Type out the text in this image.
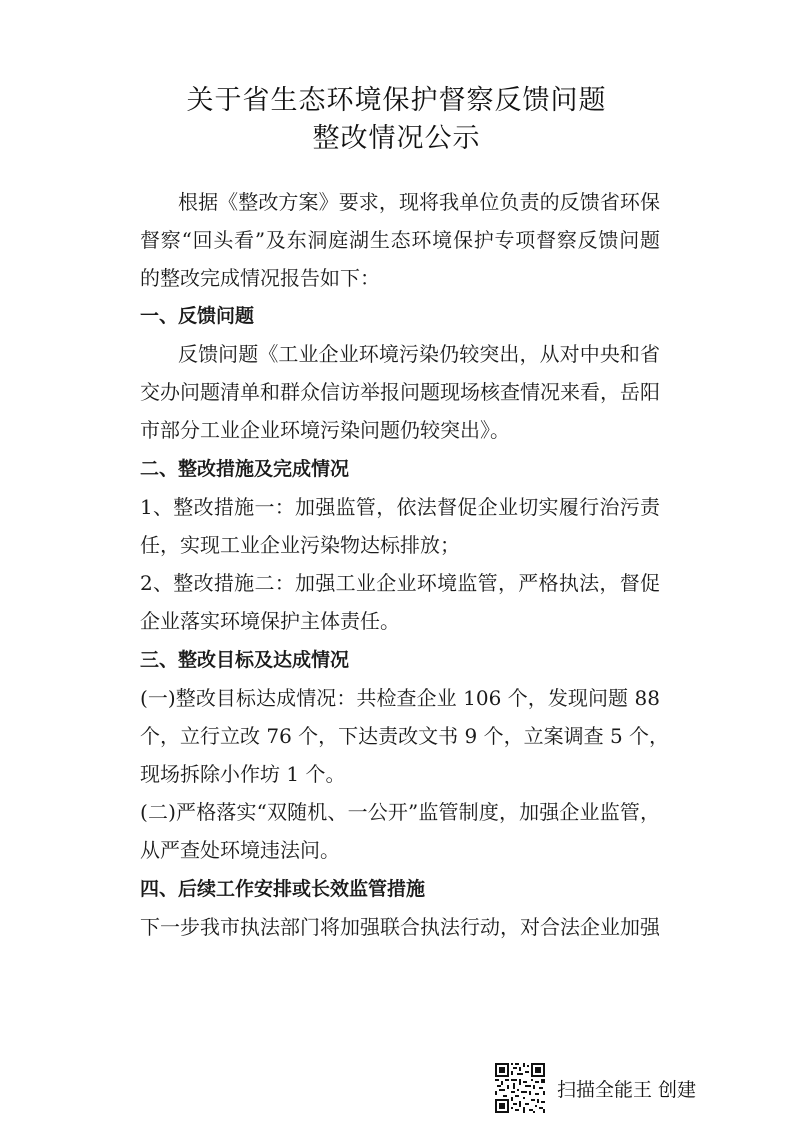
关于省生态环境保护督察反馈问题
整改情况公示
根据《整改方案》要求，现将我单位负责的反馈省环保
督察“回头看”及东洞庭湖生态环境保护专项督察反馈问题
的整改完成情况报告如下：
一、反馈问题
反馈问题《工业企业环境污染仍较突出，从对中央和省
交办问题清单和群众信访举报问题现场核查情况来看，岳阳
市部分工业企业环境污染问题仍较突出》。
二、整改措施及完成情况
1、整改措施一：加强监管，依法督促企业切实履行治污责
任，实现工业企业污染物达标排放；
2、整改措施二：加强工业企业环境监管，严格执法，督促
企业落实环境保护主体责任。
三、整改目标及达成情况
(一)整改目标达成情况：共检查企业 106 个，发现问题 88
个，立行立改 76 个，下达责改文书 9 个，立案调查 5 个，
现场拆除小作坊 1 个。
(二)严格落实“双随机、一公开”监管制度，加强企业监管，
从严查处环境违法问。
四、后续工作安排或长效监管措施
下一步我市执法部门将加强联合执法行动，对合法企业加强
扫描全能王 创建
